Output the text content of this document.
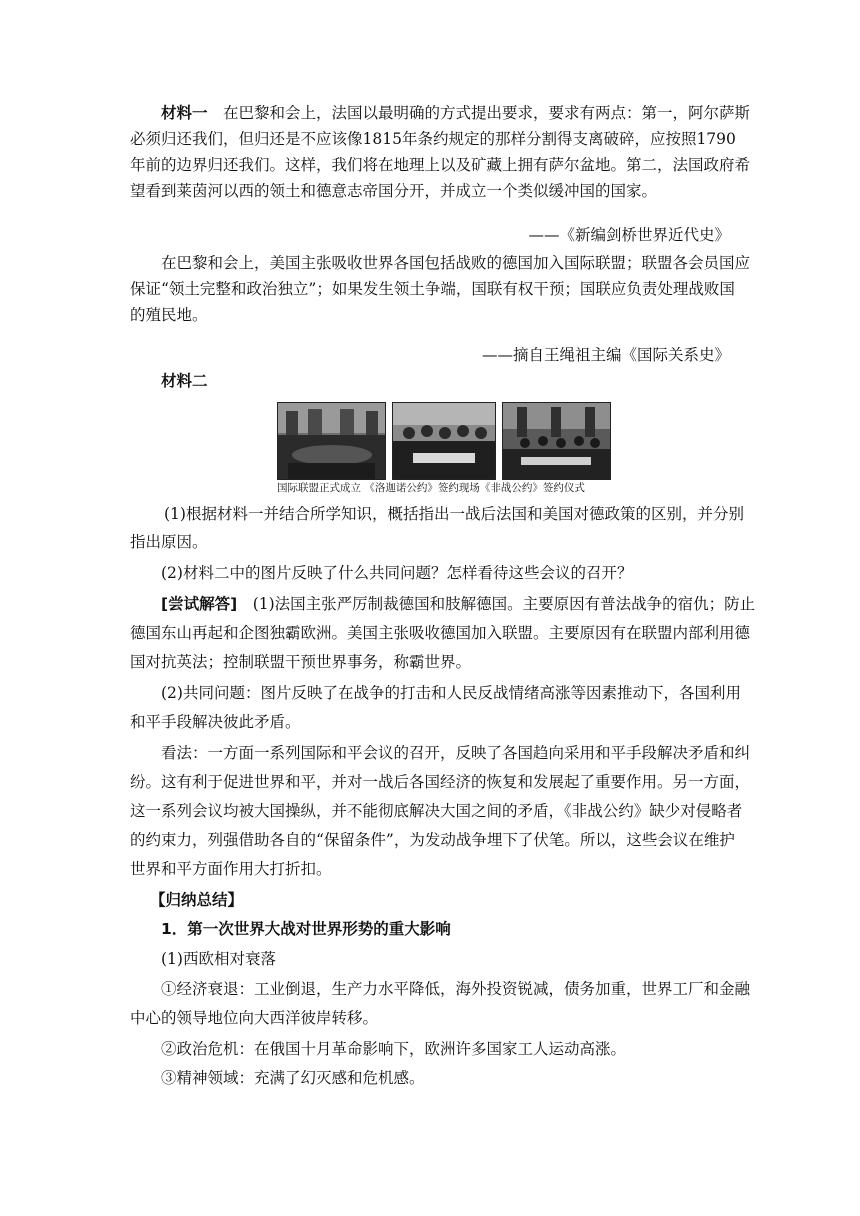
材料一　 在巴黎和会上，法国以最明确的方式提出要求，要求有两点：第一，阿尔萨斯
必须归还我们，但归还是不应该像1815年条约规定的那样分割得支离破碎，应按照1790
年前的边界归还我们。这样，我们将在地理上以及矿藏上拥有萨尔盆地。第二，法国政府希
望看到莱茵河以西的领土和德意志帝国分开，并成立一个类似缓冲国的国家。
——《新编剑桥世界近代史》
在巴黎和会上，美国主张吸收世界各国包括战败的德国加入国际联盟；联盟各会员国应
保证“领土完整和政治独立”；如果发生领土争端，国联有权干预；国联应负责处理战败国
的殖民地。
——摘自王绳祖主编《国际关系史》
材料二
国际联盟正式成立 《洛迦诺公约》签约现场《非战公约》签约仪式
(1)根据材料一并结合所学知识，概括指出一战后法国和美国对德政策的区别，并分别
指出原因。
(2)材料二中的图片反映了什么共同问题？怎样看待这些会议的召开？
[尝试解答]　 (1)法国主张严厉制裁德国和肢解德国。主要原因有普法战争的宿仇；防止
德国东山再起和企图独霸欧洲。美国主张吸收德国加入联盟。主要原因有在联盟内部利用德
国对抗英法；控制联盟干预世界事务，称霸世界。
(2)共同问题：图片反映了在战争的打击和人民反战情绪高涨等因素推动下，各国利用
和平手段解决彼此矛盾。
看法：一方面一系列国际和平会议的召开，反映了各国趋向采用和平手段解决矛盾和纠
纷。这有利于促进世界和平，并对一战后各国经济的恢复和发展起了重要作用。另一方面，
这一系列会议均被大国操纵，并不能彻底解决大国之间的矛盾，《非战公约》缺少对侵略者
的约束力，列强借助各自的“保留条件”，为发动战争埋下了伏笔。所以，这些会议在维护
世界和平方面作用大打折扣。
【归纳总结】
1．第一次世界大战对世界形势的重大影响
(1)西欧相对衰落
①经济衰退：工业倒退，生产力水平降低，海外投资锐减，债务加重，世界工厂和金融
中心的领导地位向大西洋彼岸转移。
②政治危机：在俄国十月革命影响下，欧洲许多国家工人运动高涨。
③精神领域：充满了幻灭感和危机感。
